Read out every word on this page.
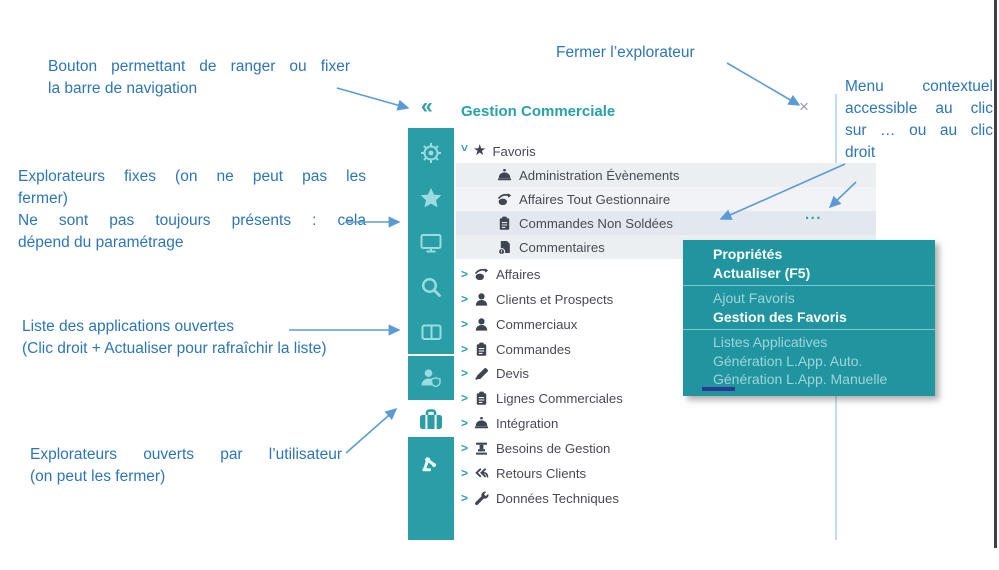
Bouton permettant de ranger ou fixer
la barre de navigation
Fermer l’explorateur
Menu contextuel
accessible au clic
sur … ou au clic
droit
Explorateurs fixes (on ne peut pas les
fermer)
Ne sont pas toujours présents : cela
dépend du paramétrage
Liste des applications ouvertes
(Clic droit + Actualiser pour rafraîchir la liste)
Explorateurs ouverts par l’utilisateur
(on peut les fermer)
« Gestion Commerciale	×
> ★ Favoris
Administration Évènements
Affaires Tout Gestionnaire
Commandes Non Soldées	...
Commentaires
>	Affaires
>	Clients et Prospects
>	Commerciaux
>	Commandes
>	Devis
>	Lignes Commerciales
>	Intégration
>	Besoins de Gestion
>	Retours Clients
>	Données Techniques
Propriétés
Actualiser (F5)
Ajout Favoris
Gestion des Favoris
Listes Applicatives
Génération L.App. Auto.
Génération L.App. Manuelle
